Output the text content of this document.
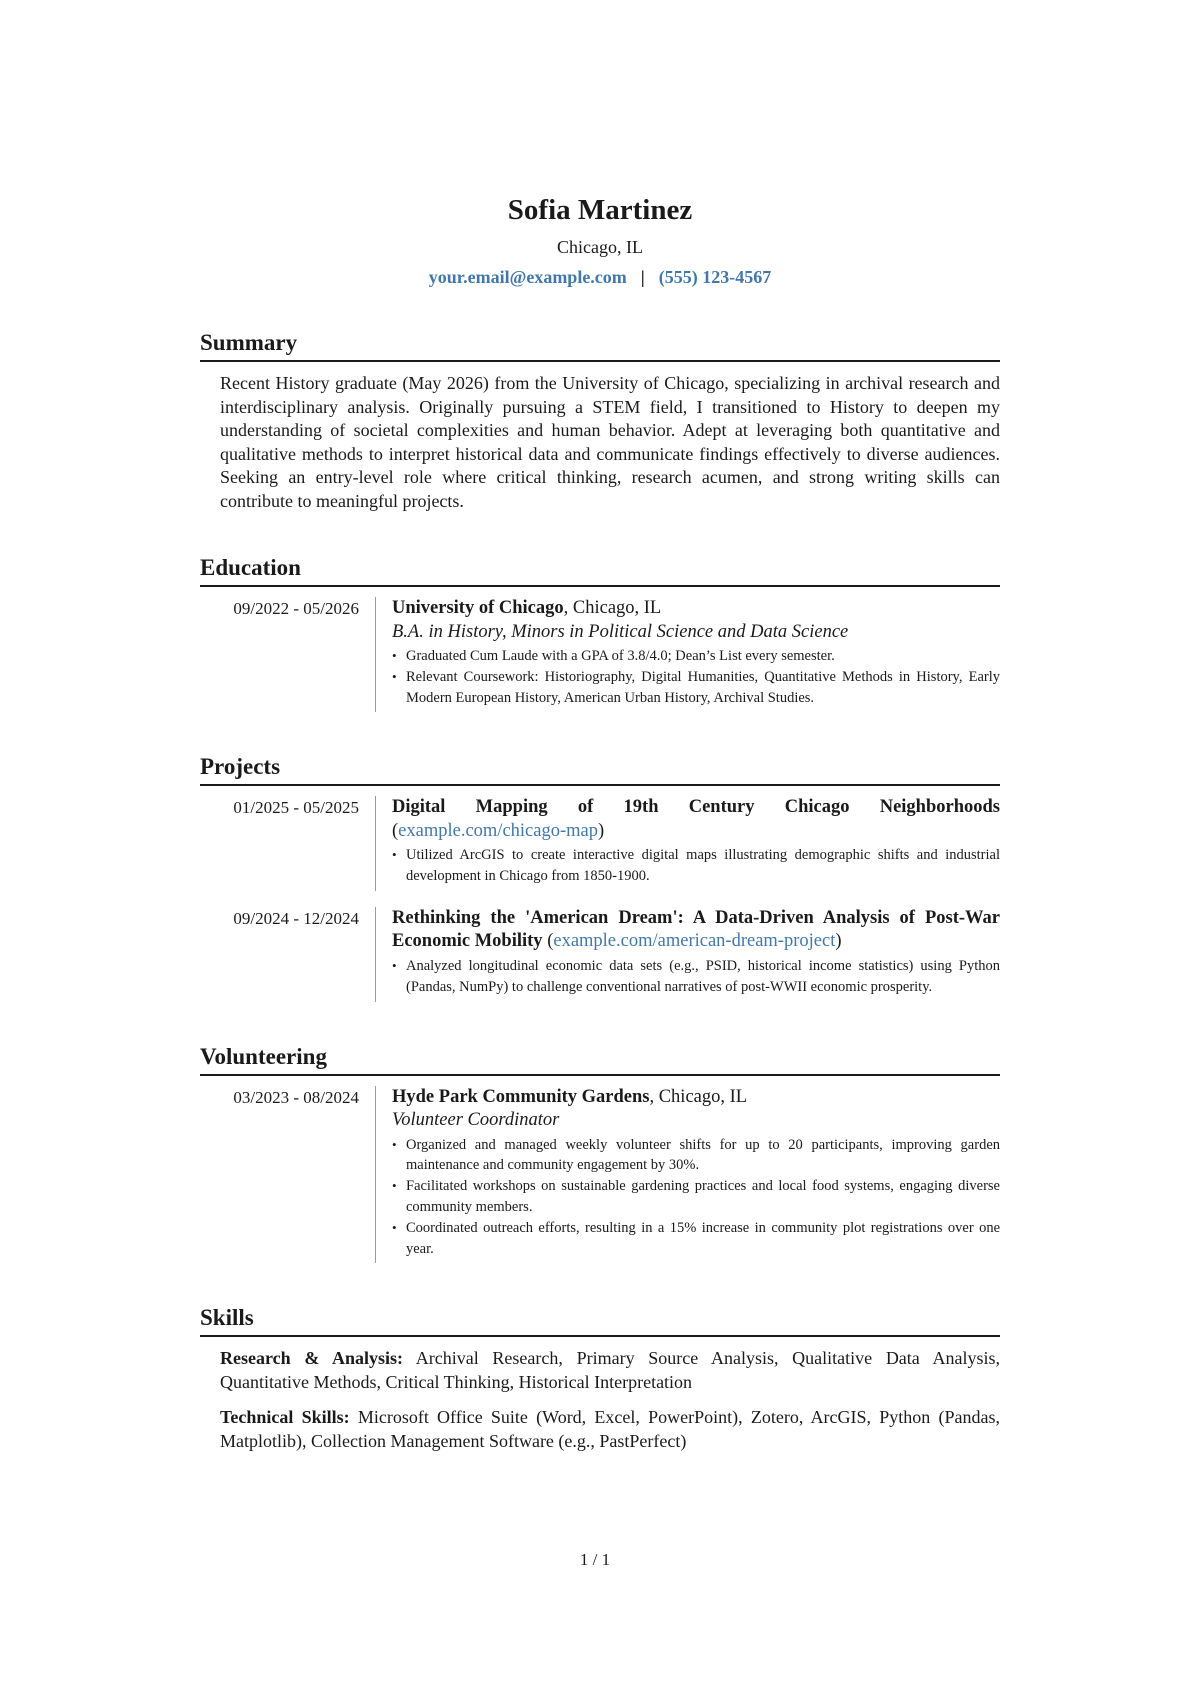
Sofia Martinez
Chicago, IL
your.email@example.com | (555) 123-4567
Summary
Recent History graduate (May 2026) from the University of Chicago, specializing in archival research and interdisciplinary analysis. Originally pursuing a STEM field, I transitioned to History to deepen my understanding of societal complexities and human behavior. Adept at leveraging both quantitative and qualitative methods to interpret historical data and communicate findings effectively to diverse audiences. Seeking an entry-level role where critical thinking, research acumen, and strong writing skills can contribute to meaningful projects.
Education
09/2022 - 05/2026	University of Chicago, Chicago, IL
B.A. in History, Minors in Political Science and Data Science
• Graduated Cum Laude with a GPA of 3.8/4.0; Dean’s List every semester.
• Relevant Coursework: Historiography, Digital Humanities, Quantitative Methods in History, Early Modern European History, American Urban History, Archival Studies.
Projects
01/2025 - 05/2025	Digital Mapping of 19th Century Chicago Neighborhoods (example.com/chicago-map)
• Utilized ArcGIS to create interactive digital maps illustrating demographic shifts and industrial development in Chicago from 1850-1900.
09/2024 - 12/2024	Rethinking the 'American Dream': A Data-Driven Analysis of Post-War Economic Mobility (example.com/american-dream-project)
• Analyzed longitudinal economic data sets (e.g., PSID, historical income statistics) using Python (Pandas, NumPy) to challenge conventional narratives of post-WWII economic prosperity.
Volunteering
03/2023 - 08/2024	Hyde Park Community Gardens, Chicago, IL
Volunteer Coordinator
• Organized and managed weekly volunteer shifts for up to 20 participants, improving garden maintenance and community engagement by 30%.
• Facilitated workshops on sustainable gardening practices and local food systems, engaging diverse community members.
• Coordinated outreach efforts, resulting in a 15% increase in community plot registrations over one year.
Skills
Research & Analysis: Archival Research, Primary Source Analysis, Qualitative Data Analysis, Quantitative Methods, Critical Thinking, Historical Interpretation
Technical Skills: Microsoft Office Suite (Word, Excel, PowerPoint), Zotero, ArcGIS, Python (Pandas, Matplotlib), Collection Management Software (e.g., PastPerfect)
1 / 1
